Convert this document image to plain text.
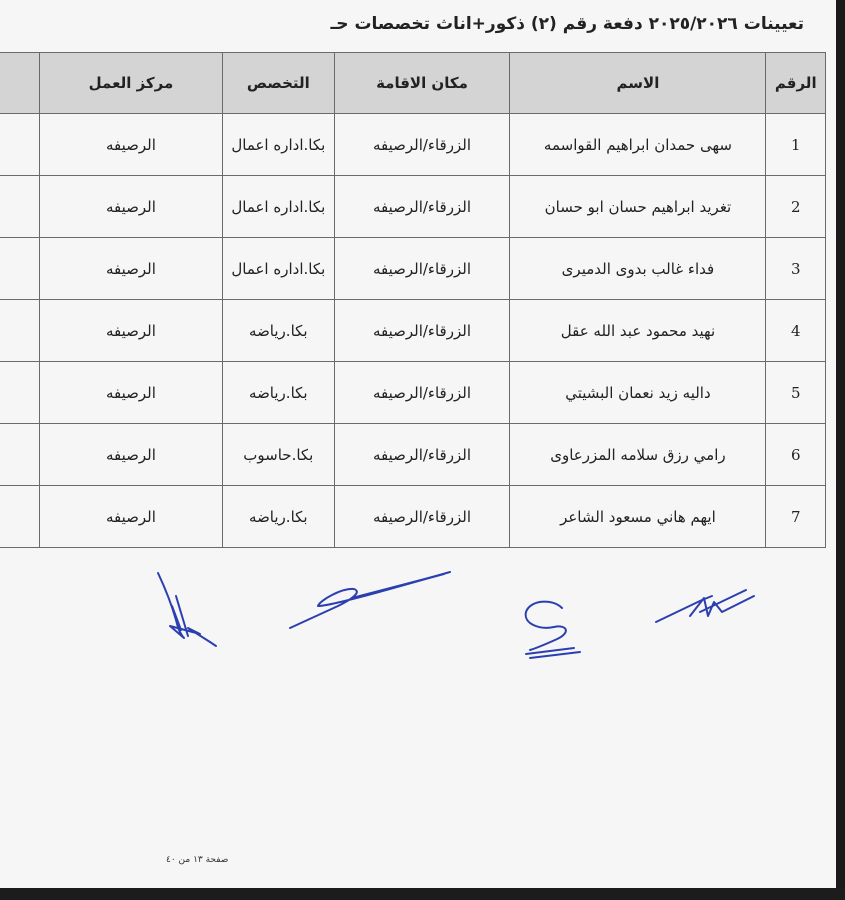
تعيينات ٢٠٢٥/٢٠٢٦ دفعة رقم (٢) ذكور+اناث تخصصات حـ
الرقم	الاسم	مكان الاقامة	التخصص	مركز العمل	
1	سهى حمدان ابراهيم القواسمه	الزرقاء/الرصيفه	بكا.اداره اعمال	الرصيفه	
2	تغريد ابراهيم حسان ابو حسان	الزرقاء/الرصيفه	بكا.اداره اعمال	الرصيفه	
3	فداء غالب بدوى الدميرى	الزرقاء/الرصيفه	بكا.اداره اعمال	الرصيفه	
4	نهيد محمود عبد الله عقل	الزرقاء/الرصيفه	بكا.رياضه	الرصيفه	
5	داليه زيد نعمان البشيتي	الزرقاء/الرصيفه	بكا.رياضه	الرصيفه	
6	رامي رزق سلامه المزرعاوى	الزرقاء/الرصيفه	بكا.حاسوب	الرصيفه	
7	ايهم هاني مسعود الشاعر	الزرقاء/الرصيفه	بكا.رياضه	الرصيفه	
صفحة ١٣ من ٤٠
